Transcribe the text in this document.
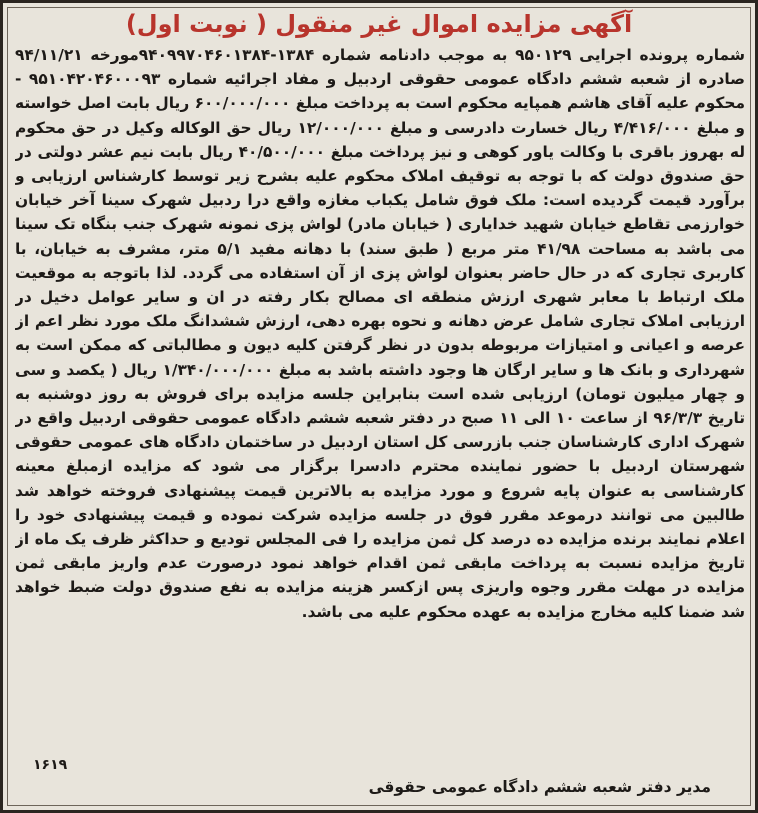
آگهی مزایده اموال غیر منقول ( نوبت اول)
شماره پرونده اجرایی ۹۵۰۱۲۹ به موجب دادنامه شماره ۱۳۸۴-۹۴۰۹۹۷۰۴۶۰۱۳۸۴مورخه ۹۴/۱۱/۲۱ صادره از شعبه ششم دادگاه عمومی حقوقی اردبیل و مفاد اجرائیه شماره ۹۵۱۰۴۲۰۴۶۰۰۰۹۳ - محکوم علیه آقای هاشم همپایه محکوم است به پرداخت مبلغ ۶۰۰/۰۰۰/۰۰۰ ریال بابت اصل خواسته و مبلغ ۴/۴۱۶/۰۰۰ ریال خسارت دادرسی و مبلغ ۱۲/۰۰۰/۰۰۰ ریال حق الوکاله وکیل در حق محکوم له بهروز باقری با وکالت یاور کوهی و نیز پرداخت مبلغ ۴۰/۵۰۰/۰۰۰ ریال بابت نیم عشر دولتی در حق صندوق دولت که با توجه به توقیف املاک محکوم علیه بشرح زیر توسط کارشناس ارزیابی و برآورد قیمت گردیده است: ملک فوق شامل یکباب مغازه واقع درا ردبیل شهرک سینا آخر خیابان خوارزمی تقاطع خیابان شهید خدایاری ( خیابان مادر) لواش پزی نمونه شهرک جنب بنگاه تک سینا می باشد به مساحت ۴۱/۹۸ متر مربع ( طبق سند) با دهانه مفید ۵/۱ متر، مشرف به خیابان، با کاربری تجاری که در حال حاضر بعنوان لواش پزی از آن استفاده می گردد. لذا باتوجه به موقعیت ملک ارتباط با معابر شهری ارزش منطقه ای مصالح بکار رفته در ان و سایر عوامل دخیل در ارزیابی املاک تجاری شامل عرض دهانه و نحوه بهره دهی، ارزش ششدانگ ملک مورد نظر اعم از عرصه و اعیانی و امتیازات مربوطه بدون در نظر گرفتن کلیه دیون و مطالباتی که ممکن است به شهرداری و بانک ها و سایر ارگان ها وجود داشته باشد به مبلغ ۱/۳۴۰/۰۰۰/۰۰۰ ریال ( یکصد و سی و چهار میلیون تومان) ارزیابی شده است بنابراین جلسه مزایده برای فروش به روز دوشنبه به تاریخ ۹۶/۳/۳ از ساعت ۱۰ الی ۱۱ صبح در دفتر شعبه ششم دادگاه عمومی حقوقی اردبیل واقع در شهرک اداری کارشناسان جنب بازرسی کل استان اردبیل در ساختمان دادگاه های عمومی حقوقی شهرستان اردبیل با حضور نماینده محترم دادسرا برگزار می شود که مزایده ازمبلغ معینه کارشناسی به عنوان پایه شروع و مورد مزایده به بالاترین قیمت پیشنهادی فروخته خواهد شد طالبین می توانند درموعد مقرر فوق در جلسه مزایده شرکت نموده و قیمت پیشنهادی خود را اعلام نمایند برنده مزایده ده درصد کل ثمن مزایده را فی المجلس تودیع و حداکثر ظرف یک ماه از تاریخ مزایده نسبت به پرداخت مابقی ثمن اقدام خواهد نمود درصورت عدم واریز مابقی ثمن مزایده در مهلت مقرر وجوه واریزی پس ازکسر هزینه مزایده به نفع صندوق دولت ضبط خواهد شد ضمنا کلیه مخارج مزایده به عهده محکوم علیه می باشد.
۱۶۱۹
مدیر دفتر شعبه ششم دادگاه عمومی حقوقی
